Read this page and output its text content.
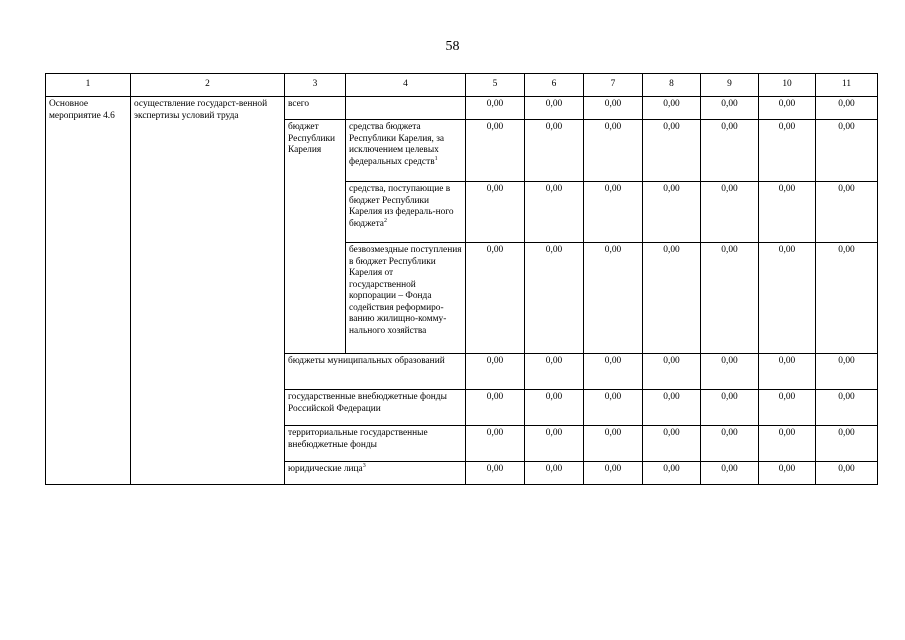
58
1	2	3	4	5	6	7	8	9	10	11
Основное мероприятие 4.6	осуществление государст-венной экспертизы условий труда	всего		0,00	0,00	0,00	0,00	0,00	0,00	0,00
		бюджет Республики Карелия	средства бюджета Республики Карелия, за исключением целевых федеральных средств$^1$	0,00	0,00	0,00	0,00	0,00	0,00	0,00
			средства, поступающие в бюджет Республики Карелия из федераль-ного бюджета$^2$	0,00	0,00	0,00	0,00	0,00	0,00	0,00
			безвозмездные поступления в бюджет Республики Карелия от государственной корпорации – Фонда содействия реформиро-ванию жилищно-комму-нального хозяйства	0,00	0,00	0,00	0,00	0,00	0,00	0,00
		бюджеты муниципальных образований		0,00	0,00	0,00	0,00	0,00	0,00	0,00
		государственные внебюджетные фонды Российской Федерации		0,00	0,00	0,00	0,00	0,00	0,00	0,00
		территориальные государственные внебюджетные фонды		0,00	0,00	0,00	0,00	0,00	0,00	0,00
		юридические лица$^3$		0,00	0,00	0,00	0,00	0,00	0,00	0,00
